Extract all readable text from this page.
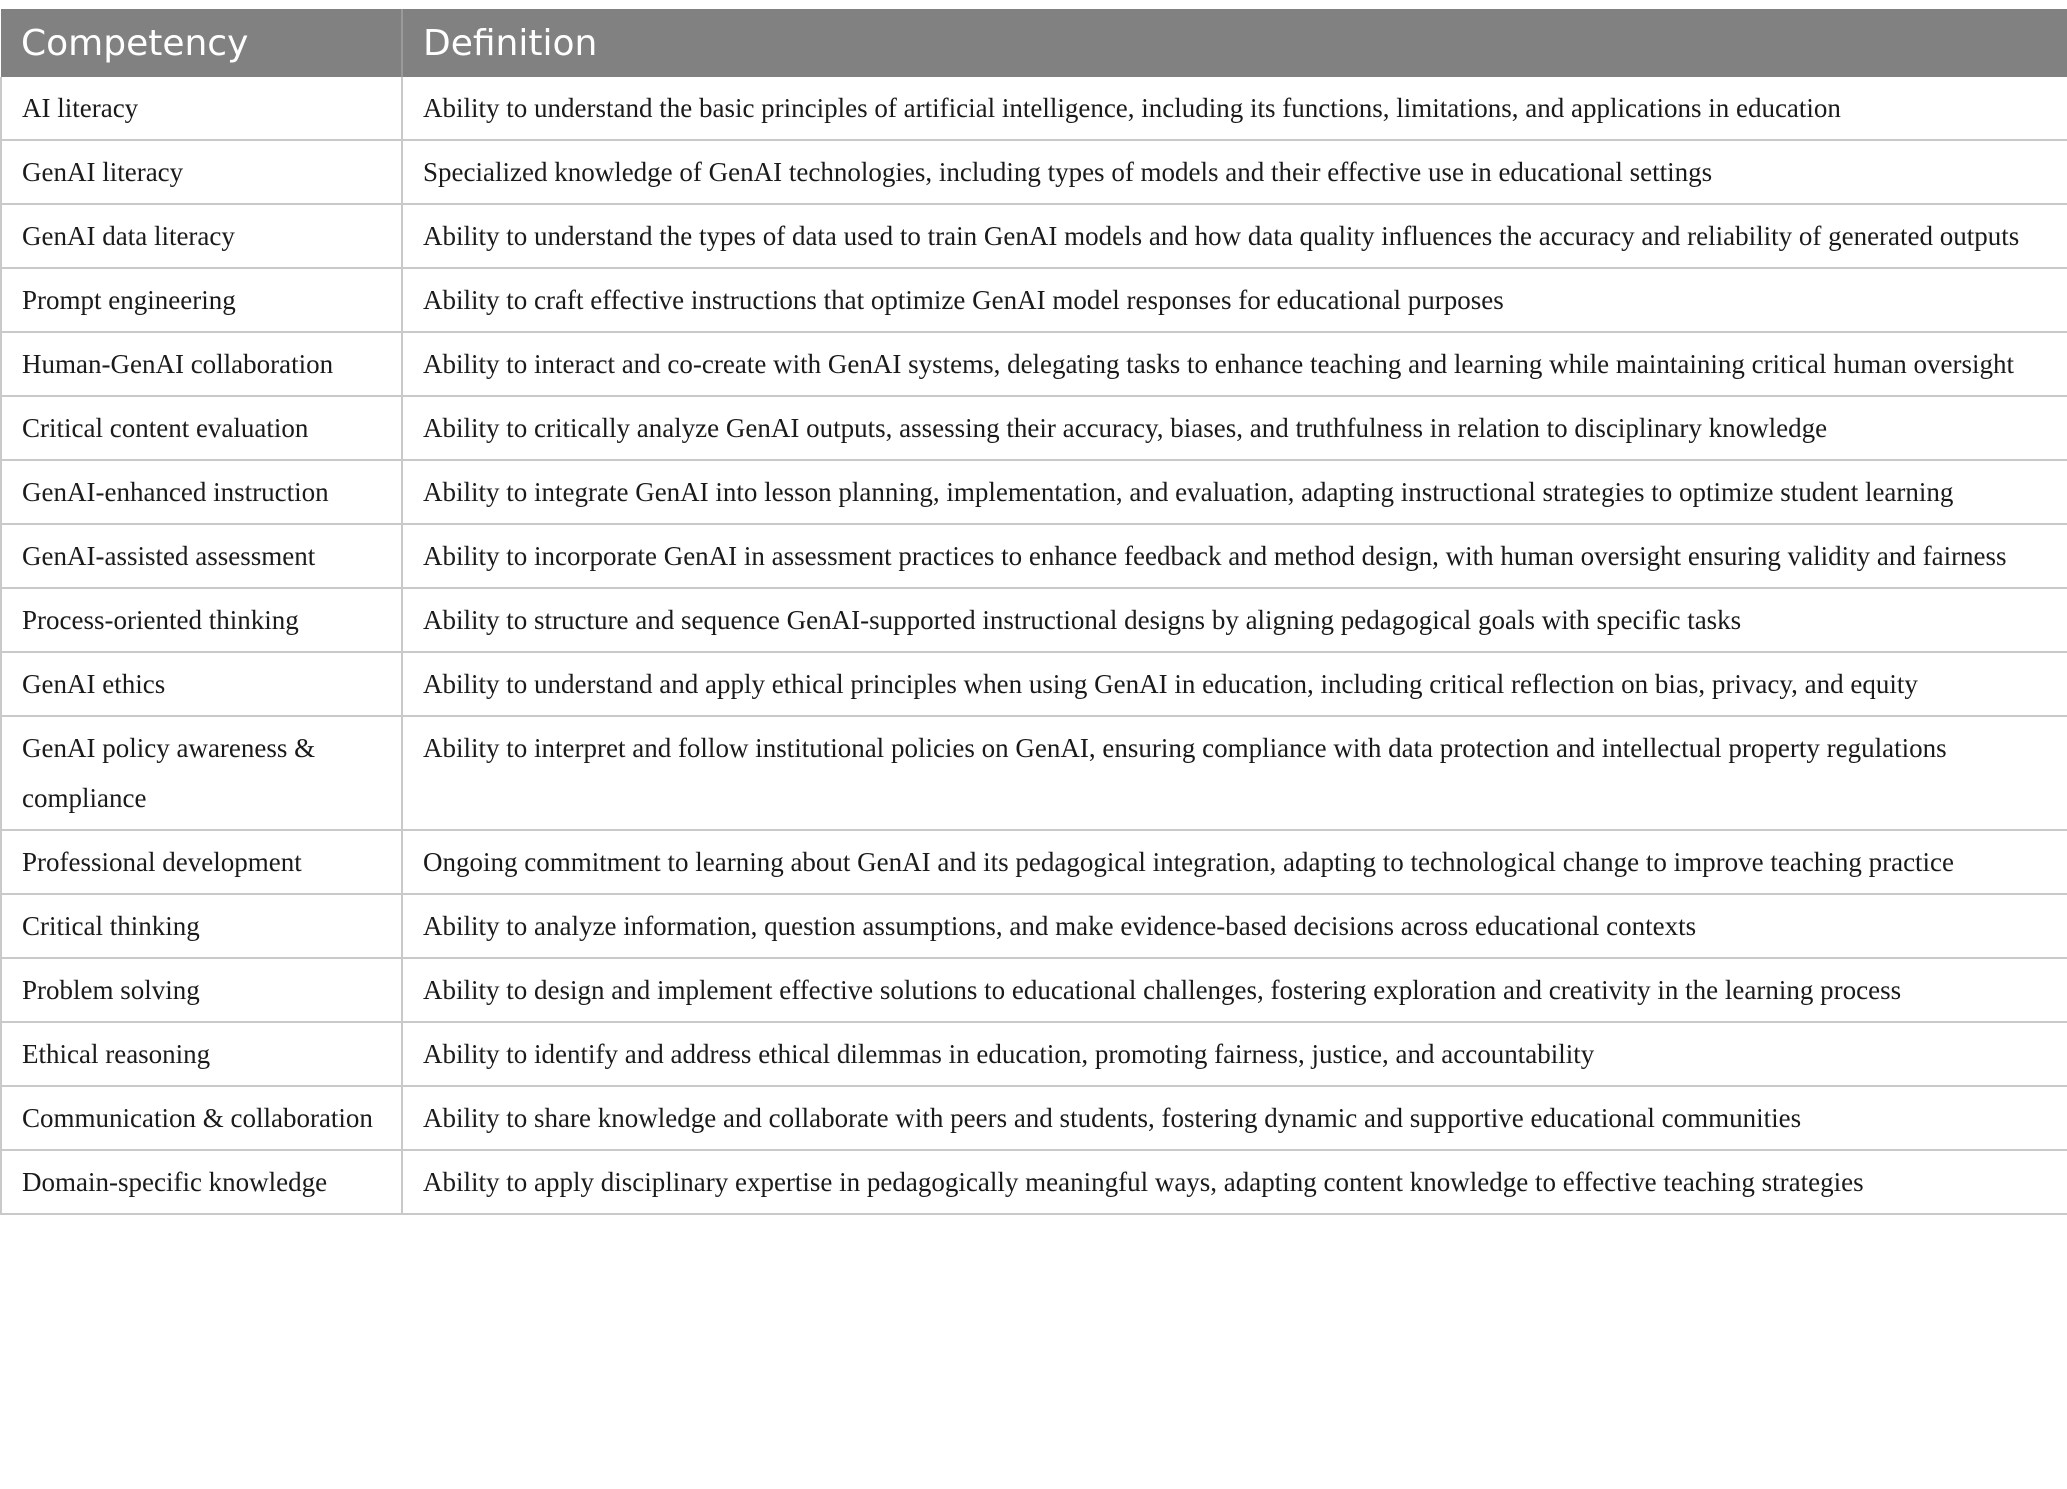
Competency	Definition
AI literacy	Ability to understand the basic principles of artificial intelligence, including its functions, limitations, and applications in education
GenAI literacy	Specialized knowledge of GenAI technologies, including types of models and their effective use in educational settings
GenAI data literacy	Ability to understand the types of data used to train GenAI models and how data quality influences the accuracy and reliability of generated outputs
Prompt engineering	Ability to craft effective instructions that optimize GenAI model responses for educational purposes
Human-GenAI collaboration	Ability to interact and co-create with GenAI systems, delegating tasks to enhance teaching and learning while maintaining critical human oversight
Critical content evaluation	Ability to critically analyze GenAI outputs, assessing their accuracy, biases, and truthfulness in relation to disciplinary knowledge
GenAI-enhanced instruction	Ability to integrate GenAI into lesson planning, implementation, and evaluation, adapting instructional strategies to optimize student learning
GenAI-assisted assessment	Ability to incorporate GenAI in assessment practices to enhance feedback and method design, with human oversight ensuring validity and fairness
Process-oriented thinking	Ability to structure and sequence GenAI-supported instructional designs by aligning pedagogical goals with specific tasks
GenAI ethics	Ability to understand and apply ethical principles when using GenAI in education, including critical reflection on bias, privacy, and equity
GenAI policy awareness & compliance	Ability to interpret and follow institutional policies on GenAI, ensuring compliance with data protection and intellectual property regulations
Professional development	Ongoing commitment to learning about GenAI and its pedagogical integration, adapting to technological change to improve teaching practice
Critical thinking	Ability to analyze information, question assumptions, and make evidence-based decisions across educational contexts
Problem solving	Ability to design and implement effective solutions to educational challenges, fostering exploration and creativity in the learning process
Ethical reasoning	Ability to identify and address ethical dilemmas in education, promoting fairness, justice, and accountability
Communication & collaboration	Ability to share knowledge and collaborate with peers and students, fostering dynamic and supportive educational communities
Domain-specific knowledge	Ability to apply disciplinary expertise in pedagogically meaningful ways, adapting content knowledge to effective teaching strategies
